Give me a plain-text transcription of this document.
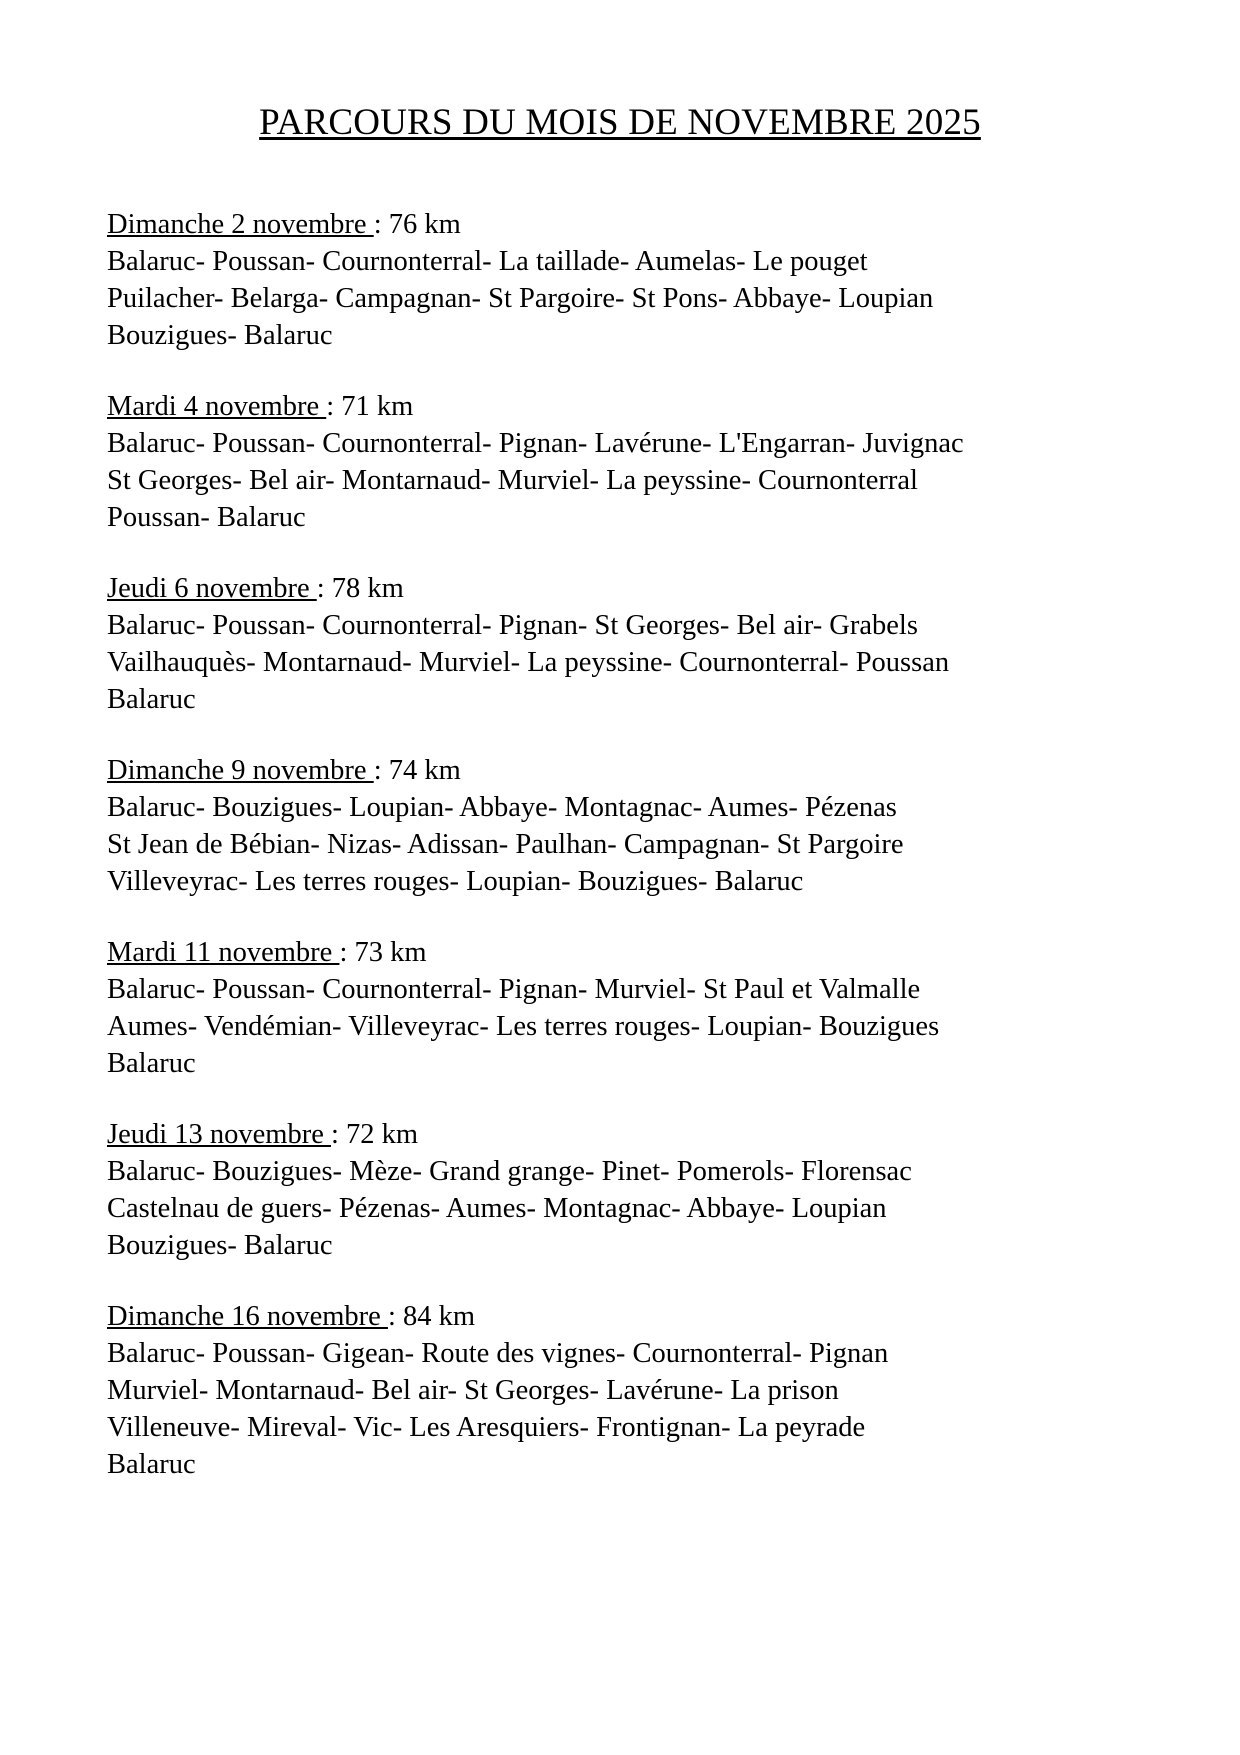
PARCOURS DU MOIS DE NOVEMBRE 2025

Dimanche 2 novembre : 76 km

Balaruc- Poussan- Cournonterral- La taillade- Aumelas- Le pouget

Puilacher- Belarga- Campagnan- St Pargoire- St Pons- Abbaye- Loupian

Bouzigues- Balaruc

Mardi 4 novembre : 71 km

Balaruc- Poussan- Cournonterral- Pignan- Lavérune- L'Engarran- Juvignac

St Georges- Bel air- Montarnaud- Murviel- La peyssine- Cournonterral

Poussan- Balaruc

Jeudi 6 novembre : 78 km

Balaruc- Poussan- Cournonterral- Pignan- St Georges- Bel air- Grabels

Vailhauquès- Montarnaud- Murviel- La peyssine- Cournonterral- Poussan

Balaruc

Dimanche 9 novembre : 74 km

Balaruc- Bouzigues- Loupian- Abbaye- Montagnac- Aumes- Pézenas

St Jean de Bébian- Nizas- Adissan- Paulhan- Campagnan- St Pargoire

Villeveyrac- Les terres rouges- Loupian- Bouzigues- Balaruc

Mardi 11 novembre : 73 km

Balaruc- Poussan- Cournonterral- Pignan- Murviel- St Paul et Valmalle

Aumes- Vendémian- Villeveyrac- Les terres rouges- Loupian- Bouzigues

Balaruc

Jeudi 13 novembre : 72 km

Balaruc- Bouzigues- Mèze- Grand grange- Pinet- Pomerols- Florensac

Castelnau de guers- Pézenas- Aumes- Montagnac- Abbaye- Loupian

Bouzigues- Balaruc

Dimanche 16 novembre : 84 km

Balaruc- Poussan- Gigean- Route des vignes- Cournonterral- Pignan

Murviel- Montarnaud- Bel air- St Georges- Lavérune- La prison

Villeneuve- Mireval- Vic- Les Aresquiers- Frontignan- La peyrade

Balaruc
